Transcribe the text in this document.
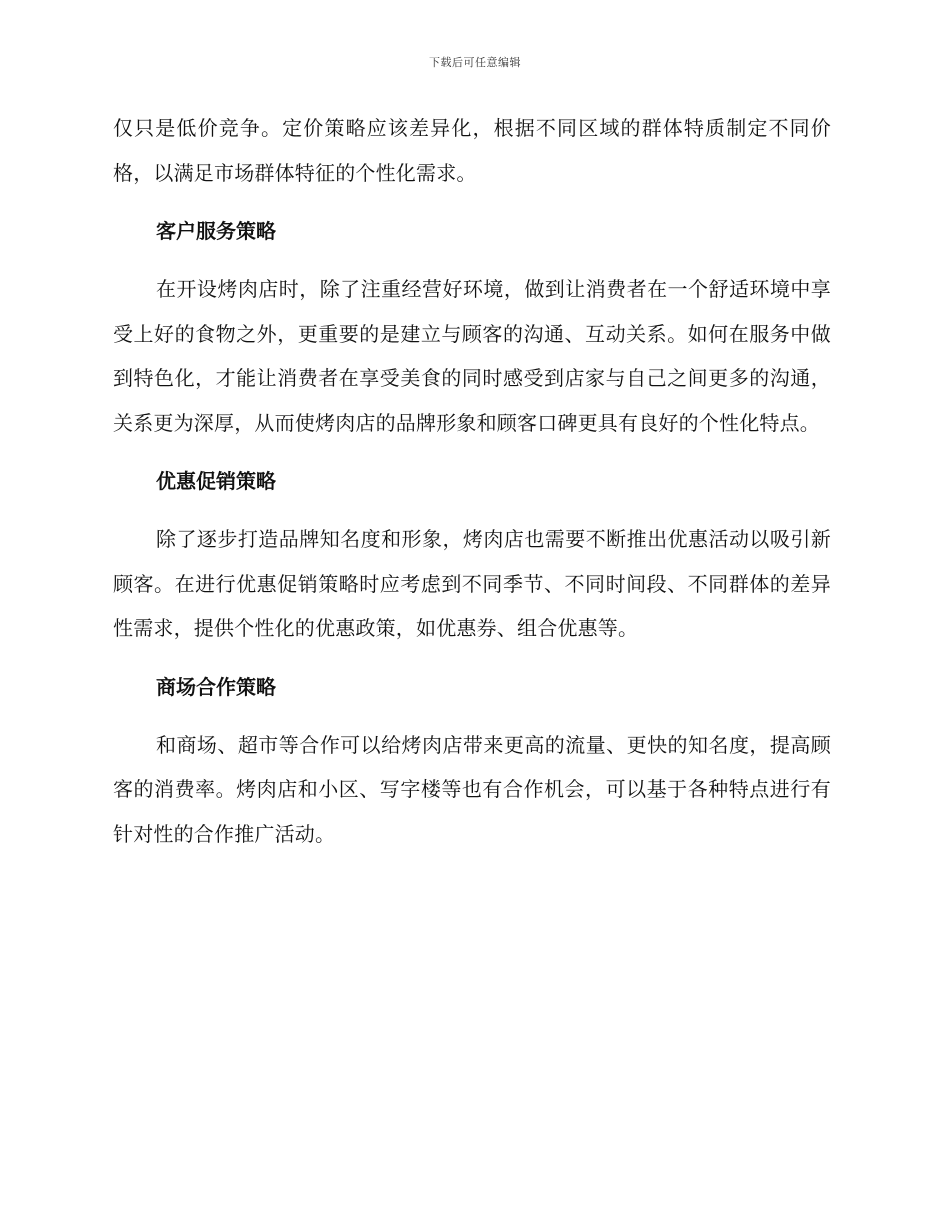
下载后可任意编辑

仅只是低价竞争。定价策略应该差异化，根据不同区域的群体特质制定不同价格，以满足市场群体特征的个性化需求。

客户服务策略

在开设烤肉店时，除了注重经营好环境，做到让消费者在一个舒适环境中享受上好的食物之外，更重要的是建立与顾客的沟通、互动关系。如何在服务中做到特色化，才能让消费者在享受美食的同时感受到店家与自己之间更多的沟通，关系更为深厚，从而使烤肉店的品牌形象和顾客口碑更具有良好的个性化特点。

优惠促销策略

除了逐步打造品牌知名度和形象，烤肉店也需要不断推出优惠活动以吸引新顾客。在进行优惠促销策略时应考虑到不同季节、不同时间段、不同群体的差异性需求，提供个性化的优惠政策，如优惠券、组合优惠等。

商场合作策略

和商场、超市等合作可以给烤肉店带来更高的流量、更快的知名度，提高顾客的消费率。烤肉店和小区、写字楼等也有合作机会，可以基于各种特点进行有针对性的合作推广活动。
